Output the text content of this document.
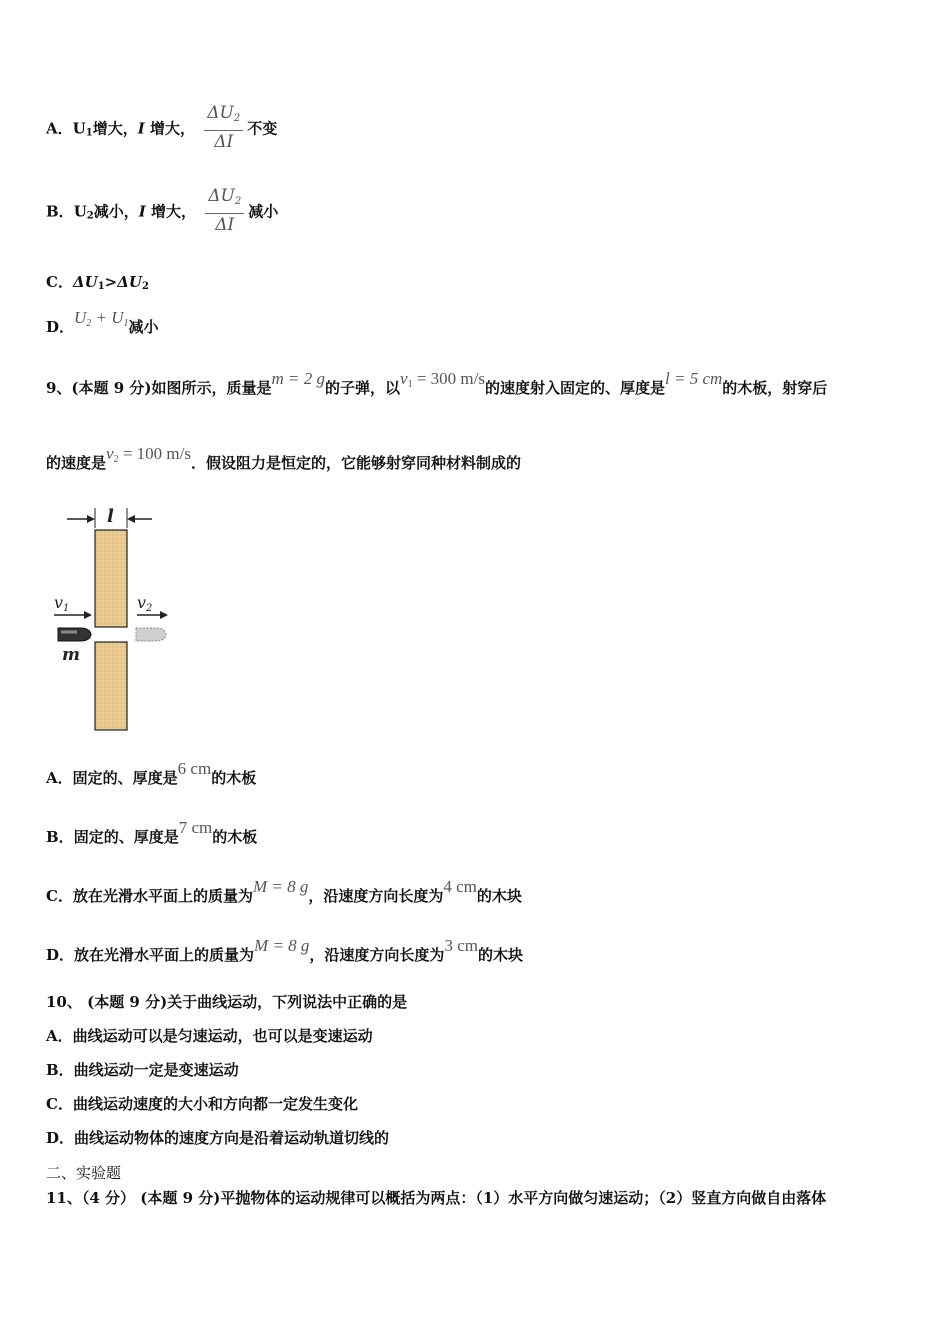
A．U1增大，I 增大， $\frac{\Delta U_2}{\Delta I}$ 不变
B．U2减小，I 增大， $\frac{\Delta U_2}{\Delta I}$ 减小
C．ΔU1>ΔU2
D．$U_2 + U_1$减小
9、(本题 9 分)如图所示，质量是m = 2 g的子弹，以$v_1 = 300$ m/s的速度射入固定的、厚度是l = 5 cm的木板，射穿后
的速度是$v_2 = 100$ m/s．假设阻力是恒定的，它能够射穿同种材料制成的
l
v1	v2
m
A．固定的、厚度是6 cm的木板
B．固定的、厚度是7 cm的木板
C．放在光滑水平面上的质量为M = 8 g，沿速度方向长度为4 cm的木块
D．放在光滑水平面上的质量为M = 8 g，沿速度方向长度为3 cm的木块
10、 (本题 9 分)关于曲线运动，下列说法中正确的是
A．曲线运动可以是匀速运动，也可以是变速运动
B．曲线运动一定是变速运动
C．曲线运动速度的大小和方向都一定发生变化
D．曲线运动物体的速度方向是沿着运动轨道切线的
二、实验题
11、（4 分） (本题 9 分)平抛物体的运动规律可以概括为两点：（1）水平方向做匀速运动；（2）竖直方向做自由落体
